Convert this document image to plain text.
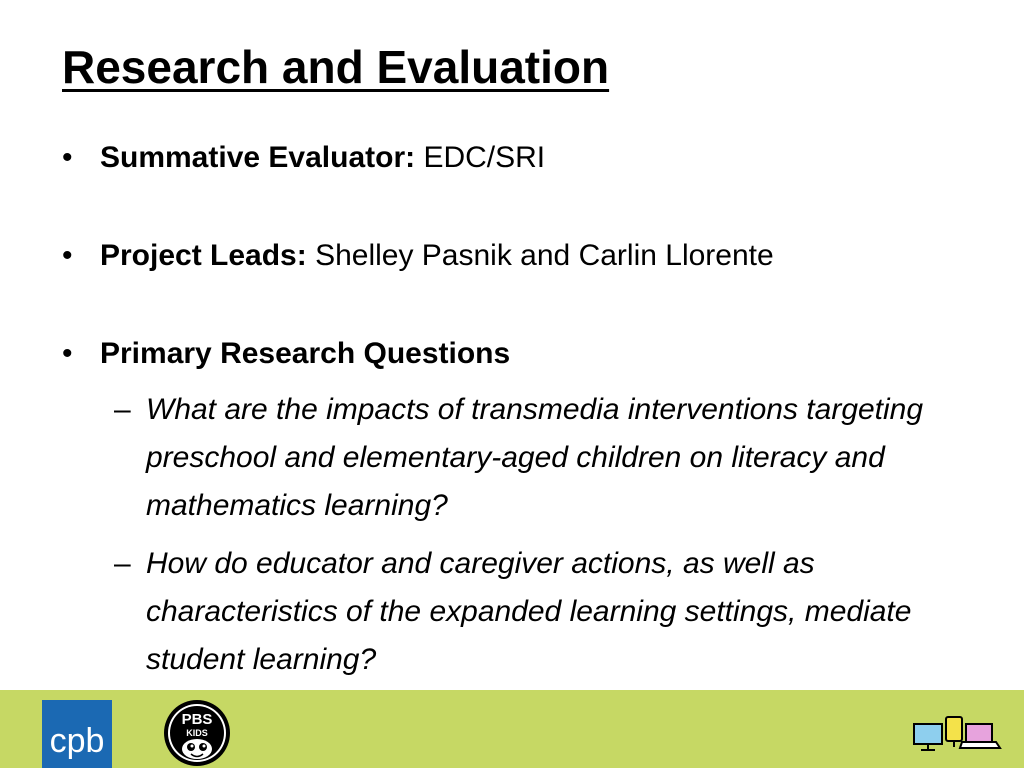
Research and Evaluation
• Summative Evaluator: EDC/SRI
• Project Leads: Shelley Pasnik and Carlin Llorente
• Primary Research Questions
– What are the impacts of transmedia interventions targeting preschool and elementary-aged children on literacy and mathematics learning?
– How do educator and caregiver actions, as well as characteristics of the expanded learning settings, mediate student learning?
cpb
PBS
KIDS
